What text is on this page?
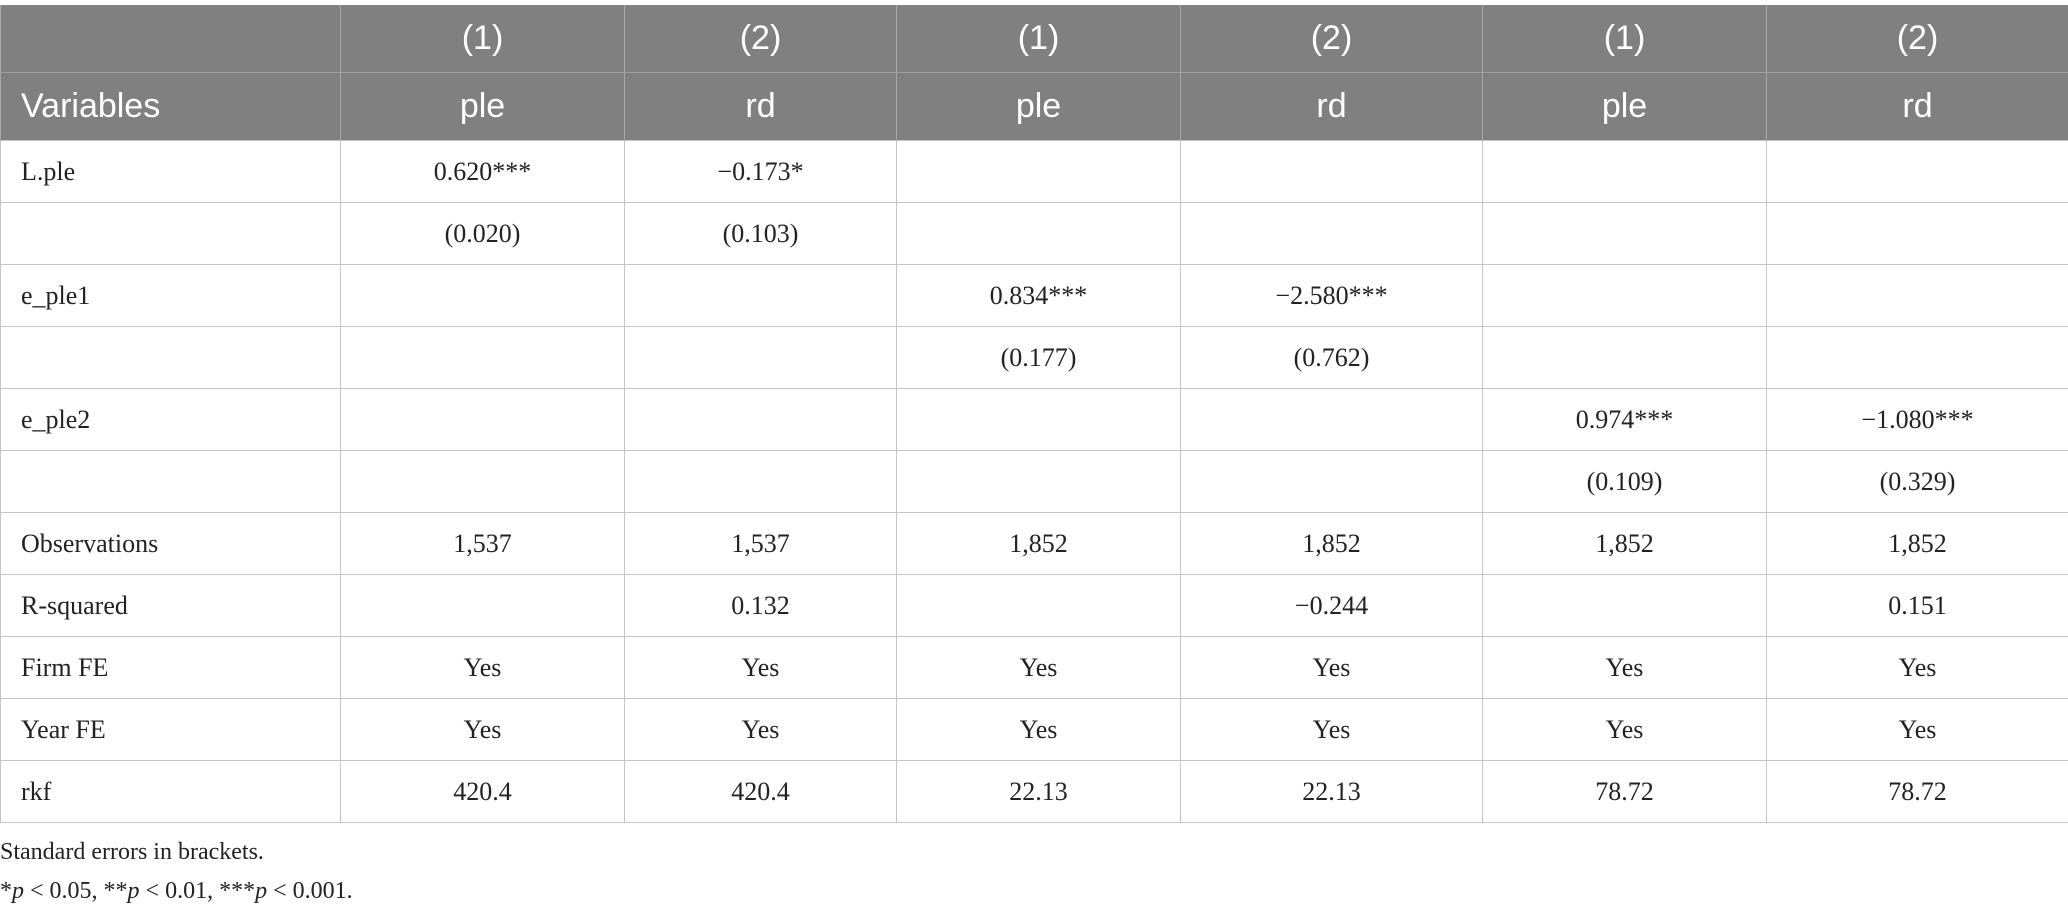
	(1)	(2)	(1)	(2)	(1)	(2)
Variables	ple	rd	ple	rd	ple	rd
L.ple	0.620***	−0.173*				
	(0.020)	(0.103)				
e_ple1			0.834***	−2.580***		
			(0.177)	(0.762)		
e_ple2					0.974***	−1.080***
					(0.109)	(0.329)
Observations	1,537	1,537	1,852	1,852	1,852	1,852
R-squared		0.132		−0.244		0.151
Firm FE	Yes	Yes	Yes	Yes	Yes	Yes
Year FE	Yes	Yes	Yes	Yes	Yes	Yes
rkf	420.4	420.4	22.13	22.13	78.72	78.72

Standard errors in brackets.

*p < 0.05, **p < 0.01, ***p < 0.001.
